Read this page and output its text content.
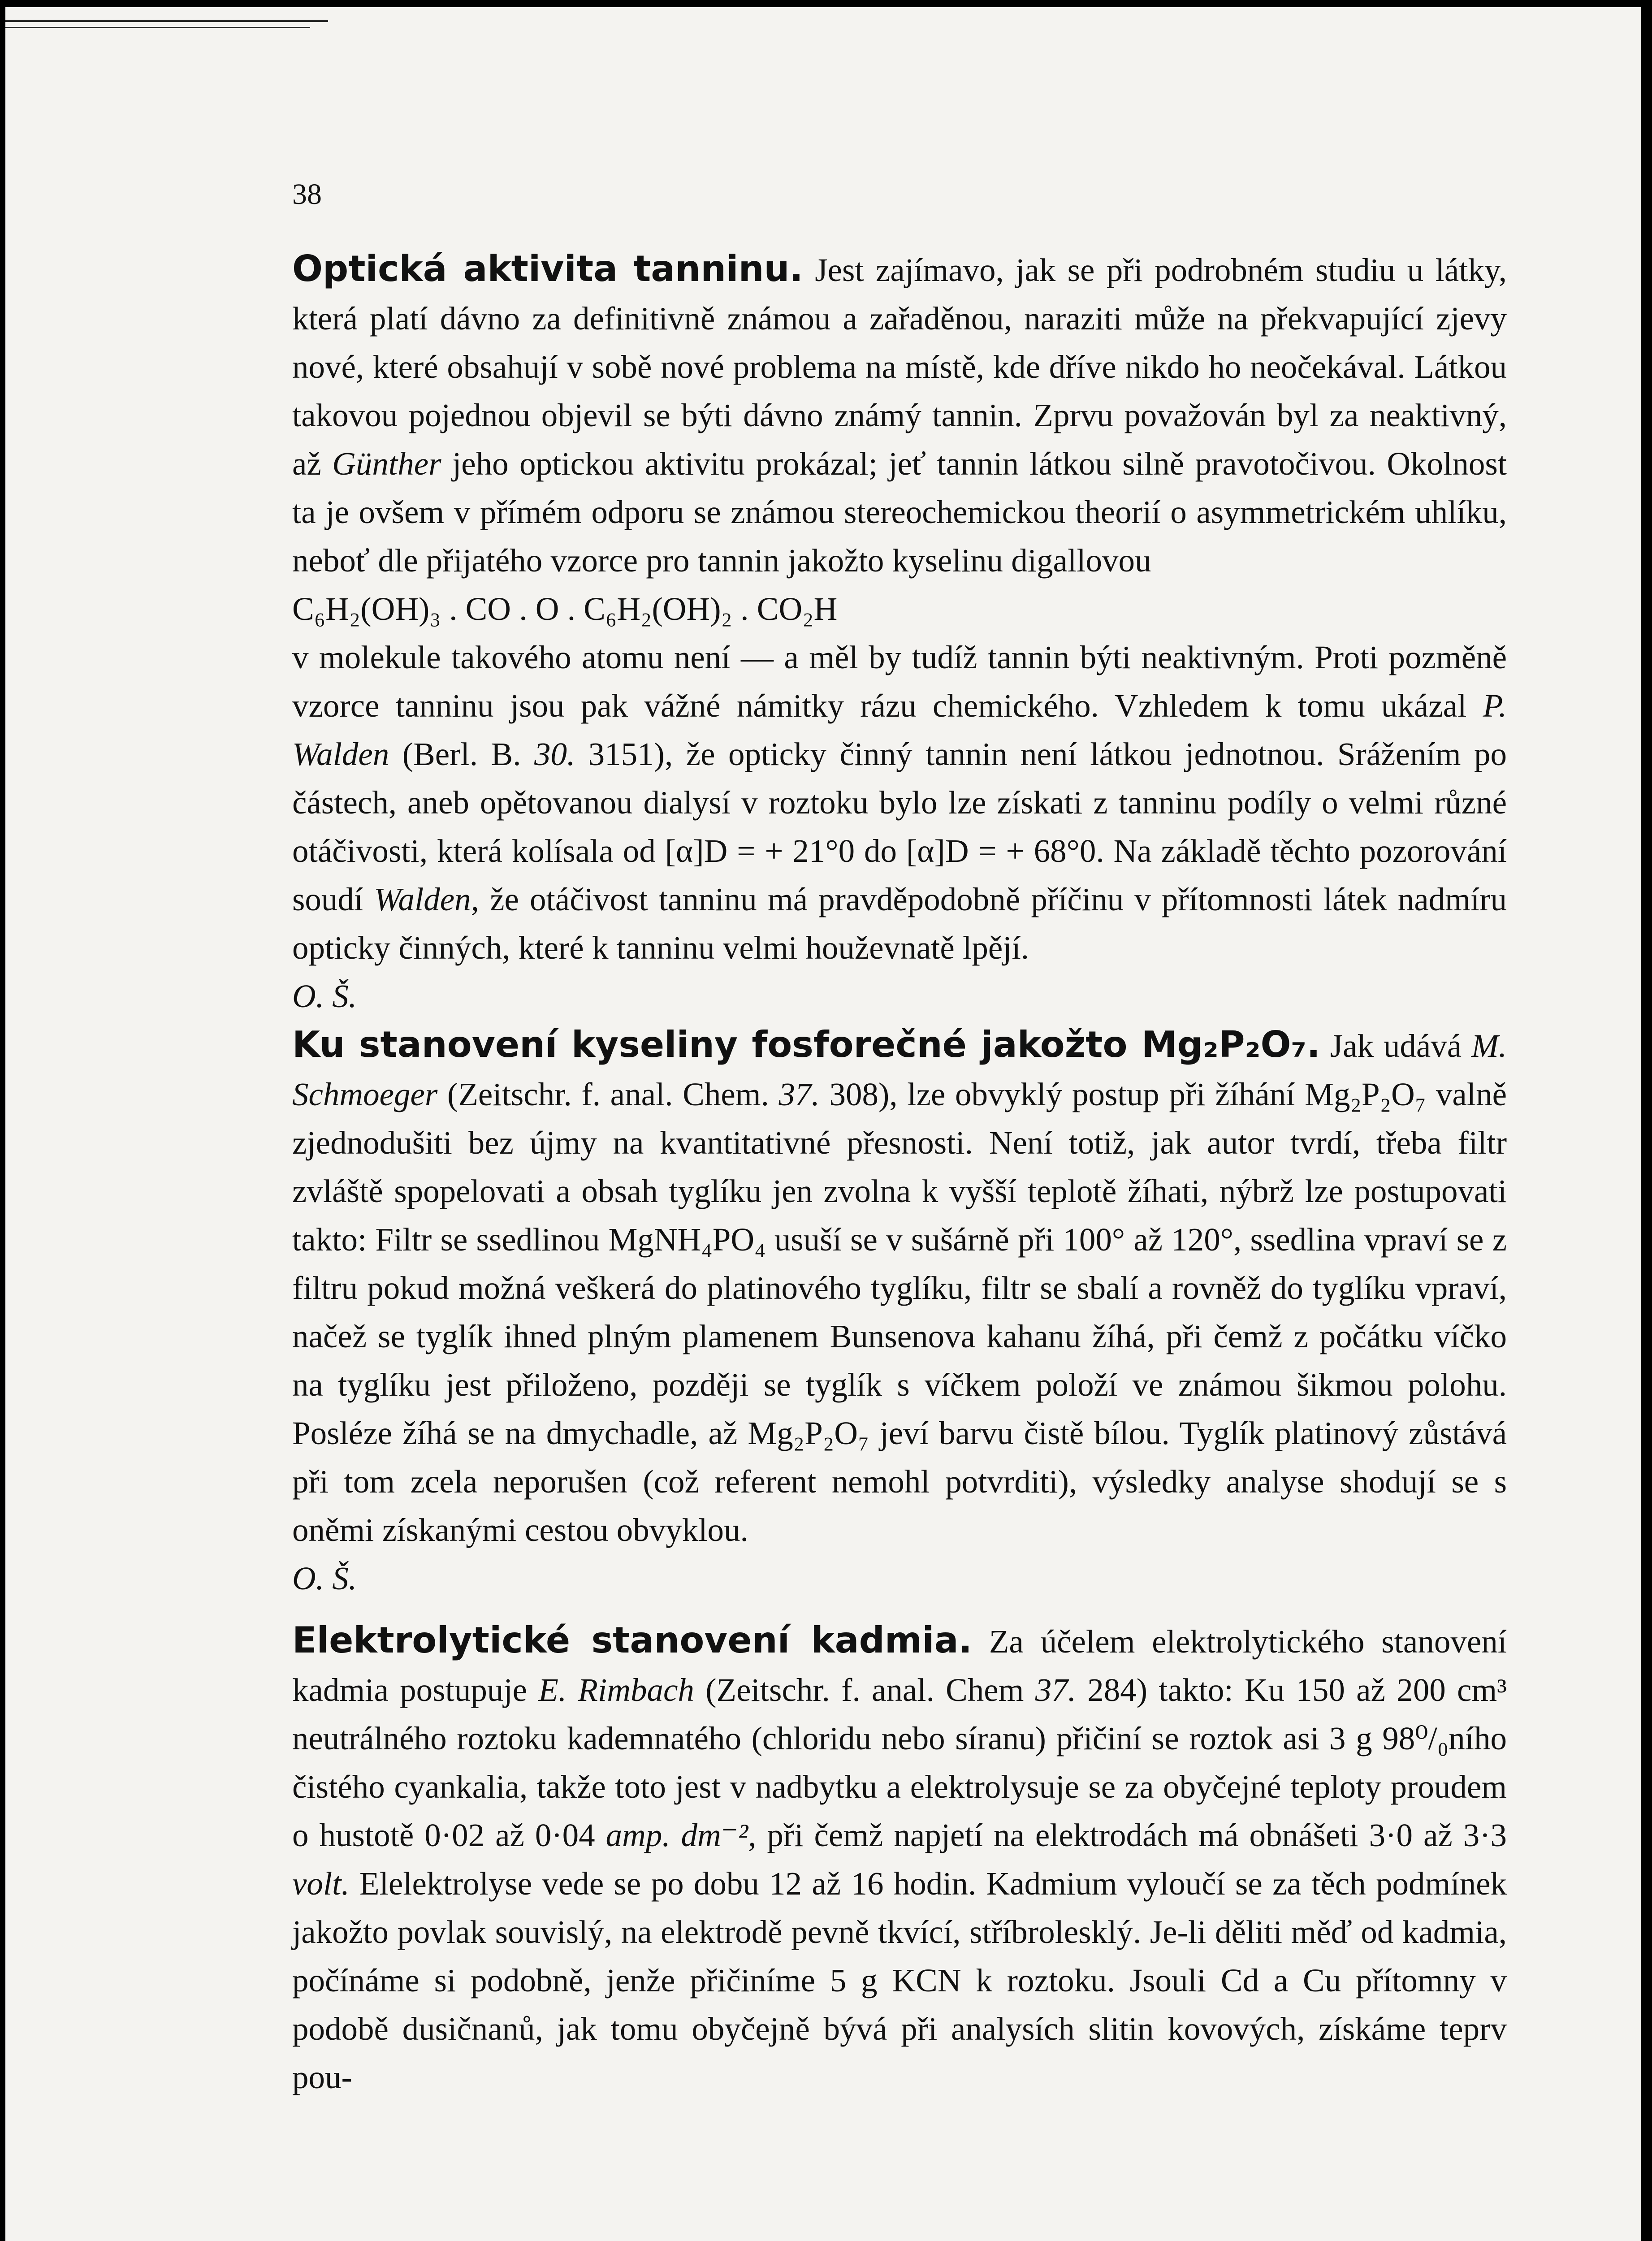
38

Optická aktivita tanninu. Jest zajímavo, jak se při podrobném studiu u látky, která platí dávno za definitivně známou a zařaděnou, naraziti může na překvapující zjevy nové, které obsahují v sobě nové problema na místě, kde dříve nikdo ho neočekával. Látkou takovou pojednou objevil se býti dávno známý tannin. Zprvu považován byl za neaktivný, až Günther jeho optickou aktivitu prokázal; jeť tannin látkou silně pravotočivou. Okolnost ta je ovšem v přímém odporu se známou stereochemickou theorií o asymmetrickém uhlíku, neboť dle přijatého vzorce pro tannin jakožto kyselinu digallovou

C₆H₂(OH)₃ . CO . O . C₆H₂(OH)₂ . CO₂H

v molekule takového atomu není — a měl by tudíž tannin býti neaktivným. Proti pozměně vzorce tanninu jsou pak vážné námitky rázu chemického. Vzhledem k tomu ukázal P. Walden (Berl. B. 30. 3151), že opticky činný tannin není látkou jednotnou. Srážením po částech, aneb opětovanou dialysí v roztoku bylo lze získati z tanninu podíly o velmi různé otáčivosti, která kolísala od [α]D = + 21°0 do [α]D = + 68°0. Na základě těchto pozorování soudí Walden, že otáčivost tanninu má pravděpodobně příčinu v přítomnosti látek nadmíru opticky činných, které k tanninu velmi houževnatě lpějí.

O. Š.

Ku stanovení kyseliny fosforečné jakožto Mg₂P₂O₇. Jak udává M. Schmoeger (Zeitschr. f. anal. Chem. 37. 308), lze obvyklý postup při žíhání Mg₂P₂O₇ valně zjednodušiti bez újmy na kvantitativné přesnosti. Není totiž, jak autor tvrdí, třeba filtr zvláště spopelovati a obsah tyglíku jen zvolna k vyšší teplotě žíhati, nýbrž lze postupovati takto: Filtr se ssedlinou MgNH₄PO₄ usuší se v sušárně při 100° až 120°, ssedlina vpraví se z filtru pokud možná veškerá do platinového tyglíku, filtr se sbalí a rovněž do tyglíku vpraví, načež se tyglík ihned plným plamenem Bunsenova kahanu žíhá, při čemž z počátku víčko na tyglíku jest přiloženo, později se tyglík s víčkem položí ve známou šikmou polohu. Posléze žíhá se na dmychadle, až Mg₂P₂O₇ jeví barvu čistě bílou. Tyglík platinový zůstává při tom zcela neporušen (což referent nemohl potvrditi), výsledky analyse shodují se s oněmi získanými cestou obvyklou.

O. Š.

Elektrolytické stanovení kadmia. Za účelem elektrolytického stanovení kadmia postupuje E. Rimbach (Zeitschr. f. anal. Chem 37. 284) takto: Ku 150 až 200 cm³ neutrálného roztoku kademnatého (chloridu nebo síranu) přičiní se roztok asi 3 g 98⁰/₀ního čistého cyankalia, takže toto jest v nadbytku a elektrolysuje se za obyčejné teploty proudem o hustotě 0·02 až 0·04 amp. dm⁻², při čemž napjetí na elektrodách má obnášeti 3·0 až 3·3 volt. Elelektrolyse vede se po dobu 12 až 16 hodin. Kadmium vyloučí se za těch podmínek jakožto povlak souvislý, na elektrodě pevně tkvící, stříbrolesklý. Je-li děliti měď od kadmia, počínáme si podobně, jenže přičiníme 5 g KCN k roztoku. Jsouli Cd a Cu přítomny v podobě dusičnanů, jak tomu obyčejně bývá při analysích slitin kovových, získáme teprv pou-
